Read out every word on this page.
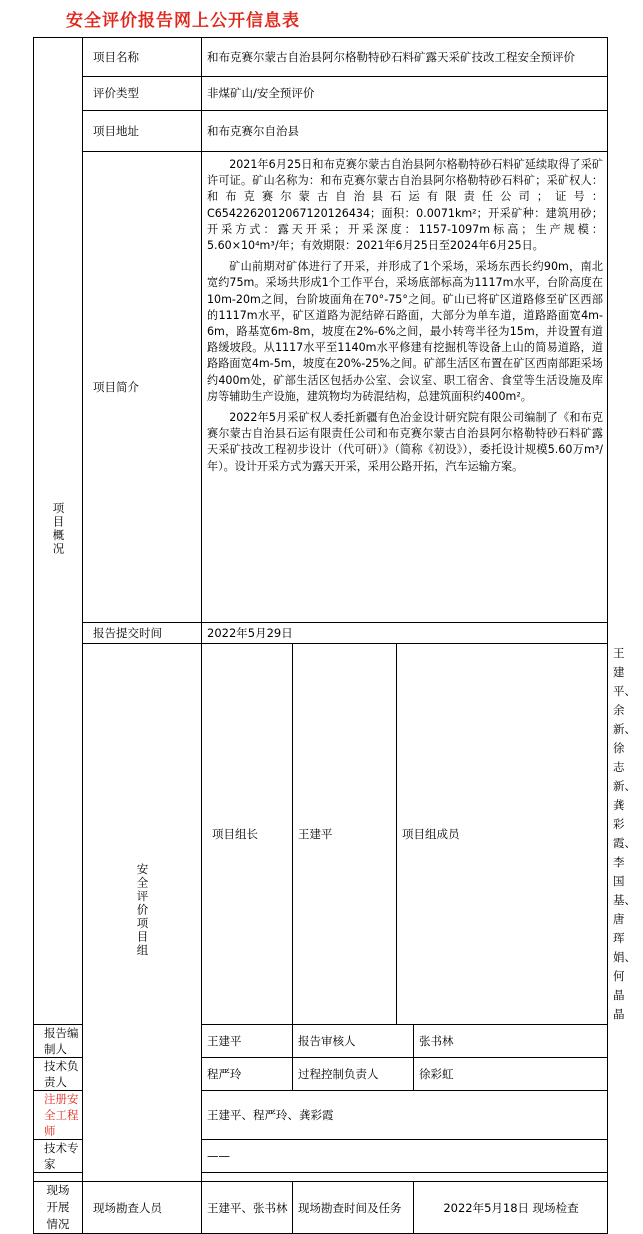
安全评价报告网上公开信息表
项目概况	项目名称	和布克赛尔蒙古自治县阿尔格勒特砂石料矿露天采矿技改工程安全预评价				
	评价类型	非煤矿山/安全预评价				
	项目地址	和布克赛尔自治县				
	项目简介	2021年6月25日和布克赛尔蒙古自治县阿尔格勒特砂石料矿延续取得了采矿许可证。矿山名称为：和布克赛尔蒙古自治县阿尔格勒特砂石料矿；采矿权人：和布克赛尔蒙古自治县石运有限责任公司；证号：C6542262012067120126434；面积：0.0071km²；开采矿种：建筑用砂；开采方式：露天开采；开采深度：1157-1097m标高；生产规模：5.60×10⁴m³/年；有效期限：2021年6月25日至2024年6月25日。

矿山前期对矿体进行了开采，并形成了1个采场，采场东西长约90m，南北宽约75m。采场共形成1个工作平台，采场底部标高为1117m水平，台阶高度在10m-20m之间，台阶坡面角在70°-75°之间。矿山已将矿区道路修至矿区西部的1117m水平，矿区道路为泥结碎石路面，大部分为单车道，道路路面宽4m-6m，路基宽6m-8m，坡度在2%-6%之间，最小转弯半径为15m，并设置有道路缓坡段。从1117水平至1140m水平修建有挖掘机等设备上山的简易道路，道路路面宽4m-5m，坡度在20%-25%之间。矿部生活区布置在矿区西南部距采场约400m处，矿部生活区包括办公室、会议室、职工宿舍、食堂等生活设施及库房等辅助生产设施，建筑物均为砖混结构，总建筑面积约400m²。

2022年5月采矿权人委托新疆有色冶金设计研究院有限公司编制了《和布克赛尔蒙古自治县石运有限责任公司和布克赛尔蒙古自治县阿尔格勒特砂石料矿露天采矿技改工程初步设计（代可研）》（简称《初设》），委托设计规模5.60万m³/年）。设计开采方式为露天开采，采用公路开拓，汽车运输方案。				

	报告提交时间	2022年5月29日				
	安全评价项目组	项目组长	王建平	项目组成员		王建平、余新、徐志新、龚彩霞、李国基、唐珲娟、何晶晶
报告编制人		王建平	报告审核人		张书林	
技术负责人		程严玲	过程控制负责人		徐彩虹	
注册安全工程师		王建平、程严玲、龚彩霞				
技术专家		——				

现场开展情况	现场勘查人员	王建平、张书林	现场勘查时间及任务		2022年5月18日 现场检查	
